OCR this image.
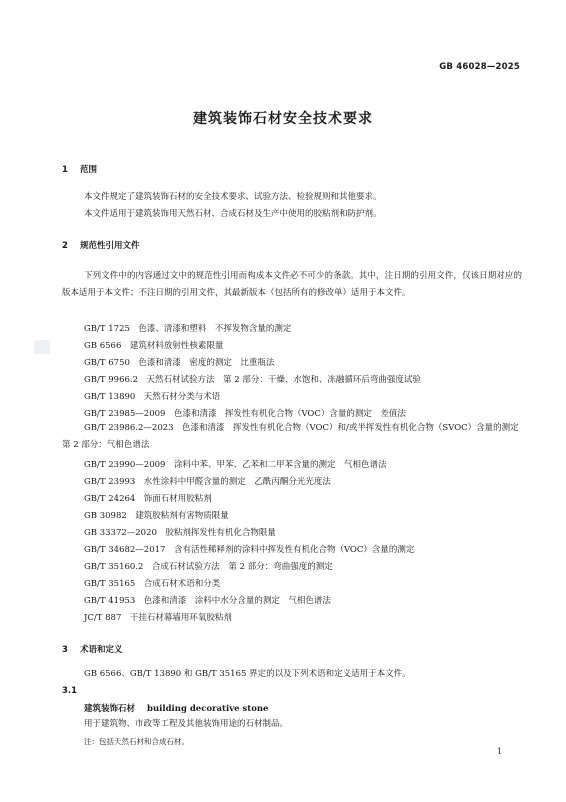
GB 46028—2025
建筑装饰石材安全技术要求
1 范围
本文件规定了建筑装饰石材的安全技术要求、试验方法、检验规则和其他要求。
本文件适用于建筑装饰用天然石材、合成石材及生产中使用的胶粘剂和防护剂。
2 规范性引用文件
下列文件中的内容通过文中的规范性引用而构成本文件必不可少的条款。其中，注日期的引用文件，仅该日期对应的版本适用于本文件；不注日期的引用文件，其最新版本（包括所有的修改单）适用于本文件。
GB/T 1725　色漆、清漆和塑料　不挥发物含量的测定
GB 6566　建筑材料放射性核素限量
GB/T 6750　色漆和清漆　密度的测定　比重瓶法
GB/T 9966.2　天然石材试验方法　第 2 部分：干燥、水饱和、冻融循环后弯曲强度试验
GB/T 13890　天然石材分类与术语
GB/T 23985—2009　色漆和清漆　挥发性有机化合物（VOC）含量的测定　差值法
GB/T 23986.2—2023　色漆和清漆　挥发性有机化合物（VOC）和/或半挥发性有机化合物（SVOC）含量的测定　第 2 部分：气相色谱法
GB/T 23990—2009　涂料中苯、甲苯、乙苯和二甲苯含量的测定　气相色谱法
GB/T 23993　水性涂料中甲醛含量的测定　乙酰丙酮分光光度法
GB/T 24264　饰面石材用胶粘剂
GB 30982　建筑胶粘剂有害物质限量
GB 33372—2020　胶粘剂挥发性有机化合物限量
GB/T 34682—2017　含有活性稀释剂的涂料中挥发性有机化合物（VOC）含量的测定
GB/T 35160.2　合成石材试验方法　第 2 部分：弯曲强度的测定
GB/T 35165　合成石材术语和分类
GB/T 41953　色漆和清漆　涂料中水分含量的测定　气相色谱法
JC/T 887　干挂石材幕墙用环氧胶粘剂
3 术语和定义
GB 6566、GB/T 13890 和 GB/T 35165 界定的以及下列术语和定义适用于本文件。
3.1
建筑装饰石材 building decorative stone
用于建筑物、市政等工程及其他装饰用途的石材制品。
注：包括天然石材和合成石材。
1
